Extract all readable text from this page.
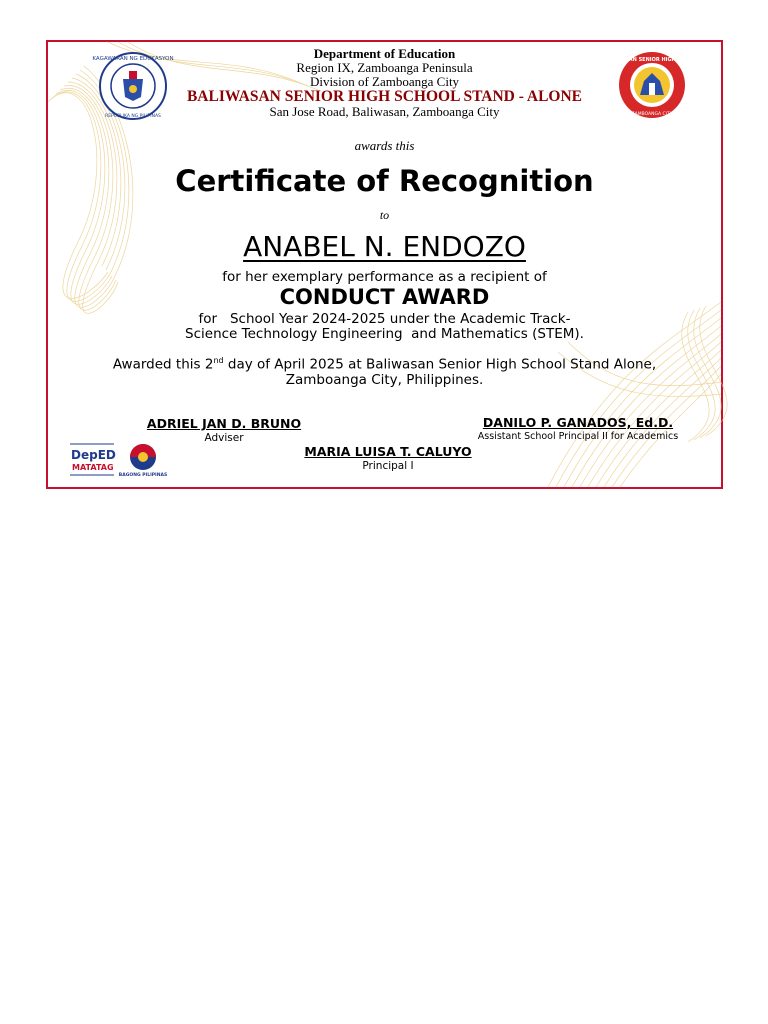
KAGAWARAN NG EDUKASYON
REPUBLIKA NG PILIPINAS
BALIWASAN SENIOR HIGH SCHOOL
ZAMBOANGA CITY
Department of Education
Region IX, Zamboanga Peninsula
Division of Zamboanga City
BALIWASAN SENIOR HIGH SCHOOL STAND - ALONE
San Jose Road, Baliwasan, Zamboanga City
awards this
Certificate of Recognition
to
ANABEL N. ENDOZO
for her exemplary performance as a recipient of
CONDUCT AWARD
for   School Year 2024-2025 under the Academic Track-
Science Technology Engineering  and Mathematics (STEM).
Awarded this 2nd day of April 2025 at Baliwasan Senior High School Stand Alone,
Zamboanga City, Philippines.
ADRIEL JAN D. BRUNO
Adviser
DANILO P. GANADOS, Ed.D.
Assistant School Principal II for Academics
MARIA LUISA T. CALUYO
Principal I
DepED
MATATAG
BAGONG PILIPINAS
